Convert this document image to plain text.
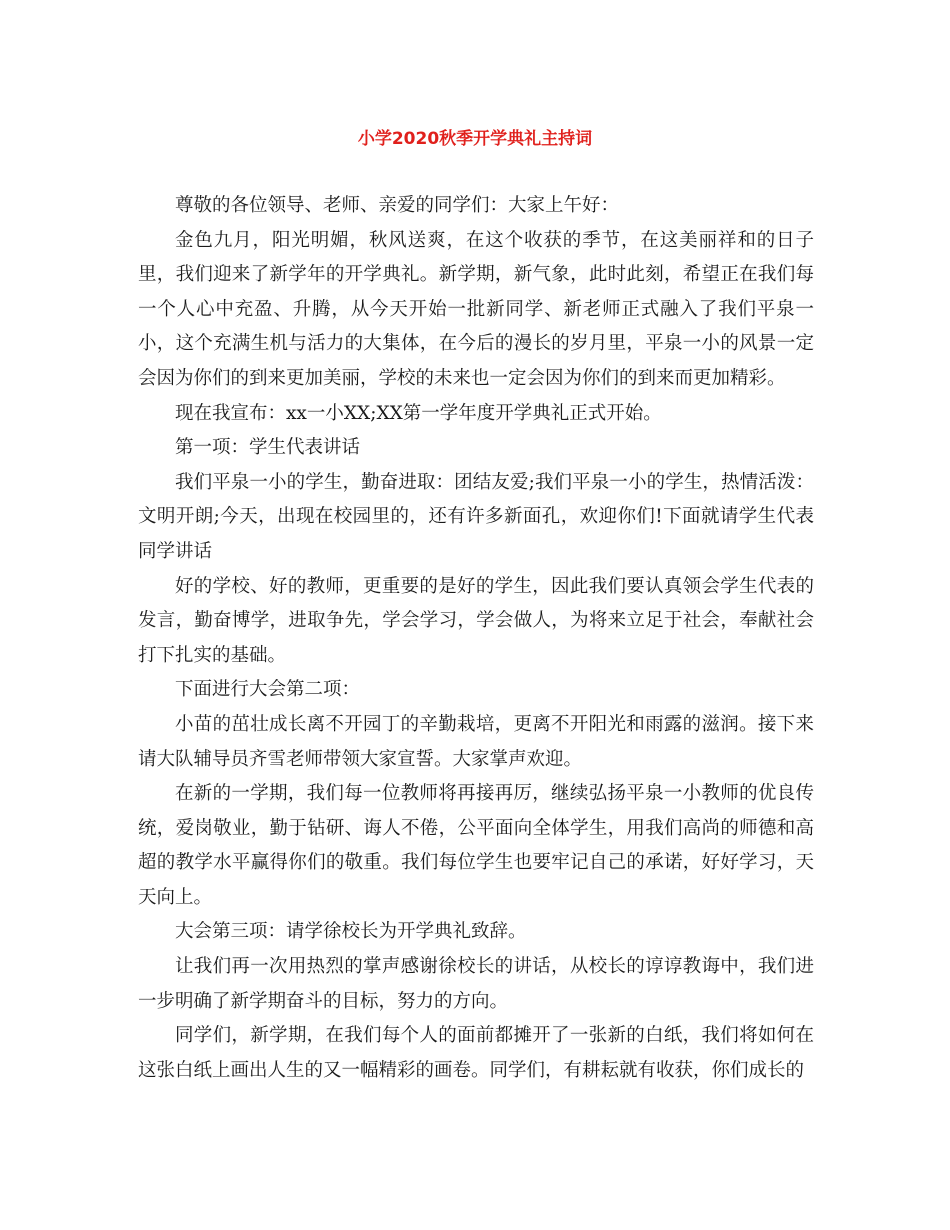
小学2020秋季开学典礼主持词

尊敬的各位领导、老师、亲爱的同学们：大家上午好：

金色九月，阳光明媚，秋风送爽，在这个收获的季节，在这美丽祥和的日子里，我们迎来了新学年的开学典礼。新学期，新气象，此时此刻，希望正在我们每一个人心中充盈、升腾，从今天开始一批新同学、新老师正式融入了我们平泉一小，这个充满生机与活力的大集体，在今后的漫长的岁月里，平泉一小的风景一定会因为你们的到来更加美丽，学校的未来也一定会因为你们的到来而更加精彩。

现在我宣布：xx一小XX;XX第一学年度开学典礼正式开始。

第一项：学生代表讲话

我们平泉一小的学生，勤奋进取：团结友爱;我们平泉一小的学生，热情活泼：文明开朗;今天，出现在校园里的，还有许多新面孔，欢迎你们!下面就请学生代表同学讲话

好的学校、好的教师，更重要的是好的学生，因此我们要认真领会学生代表的发言，勤奋博学，进取争先，学会学习，学会做人，为将来立足于社会，奉献社会打下扎实的基础。

下面进行大会第二项：

小苗的茁壮成长离不开园丁的辛勤栽培，更离不开阳光和雨露的滋润。接下来请大队辅导员齐雪老师带领大家宣誓。大家掌声欢迎。

在新的一学期，我们每一位教师将再接再厉，继续弘扬平泉一小教师的优良传统，爱岗敬业，勤于钻研、诲人不倦，公平面向全体学生，用我们高尚的师德和高超的教学水平赢得你们的敬重。我们每位学生也要牢记自己的承诺，好好学习，天天向上。

大会第三项：请学徐校长为开学典礼致辞。

让我们再一次用热烈的掌声感谢徐校长的讲话，从校长的谆谆教诲中，我们进一步明确了新学期奋斗的目标，努力的方向。

同学们，新学期，在我们每个人的面前都摊开了一张新的白纸，我们将如何在这张白纸上画出人生的又一幅精彩的画卷。同学们，有耕耘就有收获，你们成长的
